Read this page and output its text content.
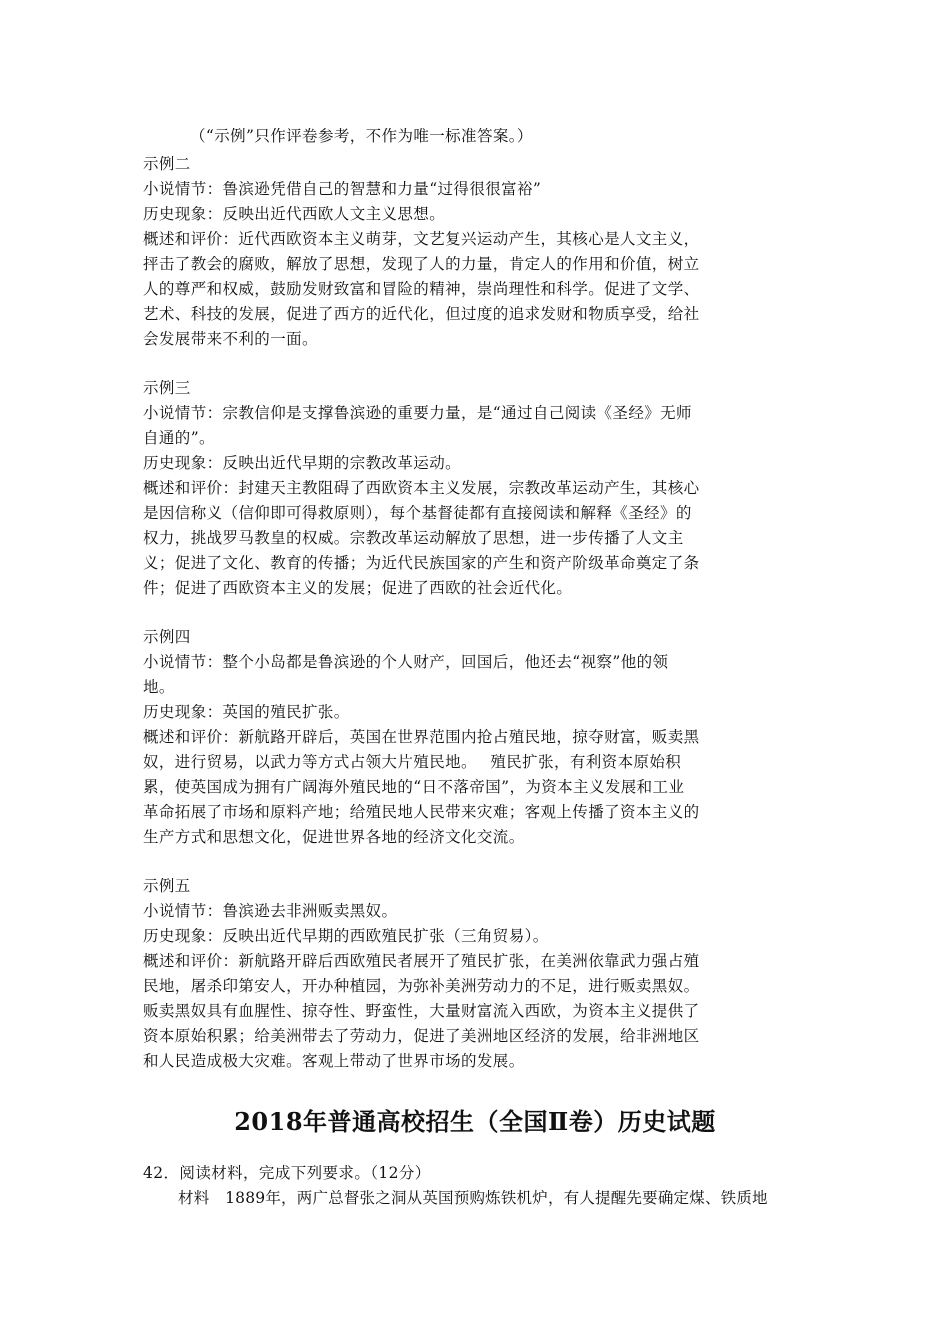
（“示例”只作评卷参考，不作为唯一标准答案。）
示例二
小说情节：鲁滨逊凭借自己的智慧和力量“过得很很富裕”
历史现象：反映出近代西欧人文主义思想。
概述和评价：近代西欧资本主义萌芽，文艺复兴运动产生，其核心是人文主义，
抨击了教会的腐败，解放了思想，发现了人的力量，肯定人的作用和价值，树立
人的尊严和权威，鼓励发财致富和冒险的精神，崇尚理性和科学。促进了文学、
艺术、科技的发展，促进了西方的近代化，但过度的追求发财和物质享受，给社
会发展带来不利的一面。
示例三
小说情节：宗教信仰是支撑鲁滨逊的重要力量，是“通过自己阅读《圣经》无师
自通的”。
历史现象：反映出近代早期的宗教改革运动。
概述和评价：封建天主教阻碍了西欧资本主义发展，宗教改革运动产生，其核心
是因信称义（信仰即可得救原则），每个基督徒都有直接阅读和解释《圣经》的
权力，挑战罗马教皇的权威。宗教改革运动解放了思想，进一步传播了人文主
义；促进了文化、教育的传播；为近代民族国家的产生和资产阶级革命奠定了条
件；促进了西欧资本主义的发展；促进了西欧的社会近代化。
示例四
小说情节：整个小岛都是鲁滨逊的个人财产，回国后，他还去“视察”他的领
地。
历史现象：英国的殖民扩张。
概述和评价：新航路开辟后，英国在世界范围内抢占殖民地，掠夺财富，贩卖黑
奴，进行贸易，以武力等方式占领大片殖民地。　 殖民扩张，有利资本原始积
累，使英国成为拥有广阔海外殖民地的“日不落帝国”，为资本主义发展和工业
革命拓展了市场和原料产地；给殖民地人民带来灾难；客观上传播了资本主义的
生产方式和思想文化，促进世界各地的经济文化交流。
示例五
小说情节：鲁滨逊去非洲贩卖黑奴。
历史现象：反映出近代早期的西欧殖民扩张（三角贸易）。
概述和评价：新航路开辟后西欧殖民者展开了殖民扩张，在美洲依靠武力强占殖
民地，屠杀印第安人，开办种植园，为弥补美洲劳动力的不足，进行贩卖黑奴。
贩卖黑奴具有血腥性、掠夺性、野蛮性，大量财富流入西欧，为资本主义提供了
资本原始积累；给美洲带去了劳动力，促进了美洲地区经济的发展，给非洲地区
和人民造成极大灾难。客观上带动了世界市场的发展。
2018年普通高校招生（全国Ⅱ卷）历史试题
42．阅读材料，完成下列要求。（12分）
材料　1889年，两广总督张之洞从英国预购炼铁机炉，有人提醒先要确定煤、铁质地
